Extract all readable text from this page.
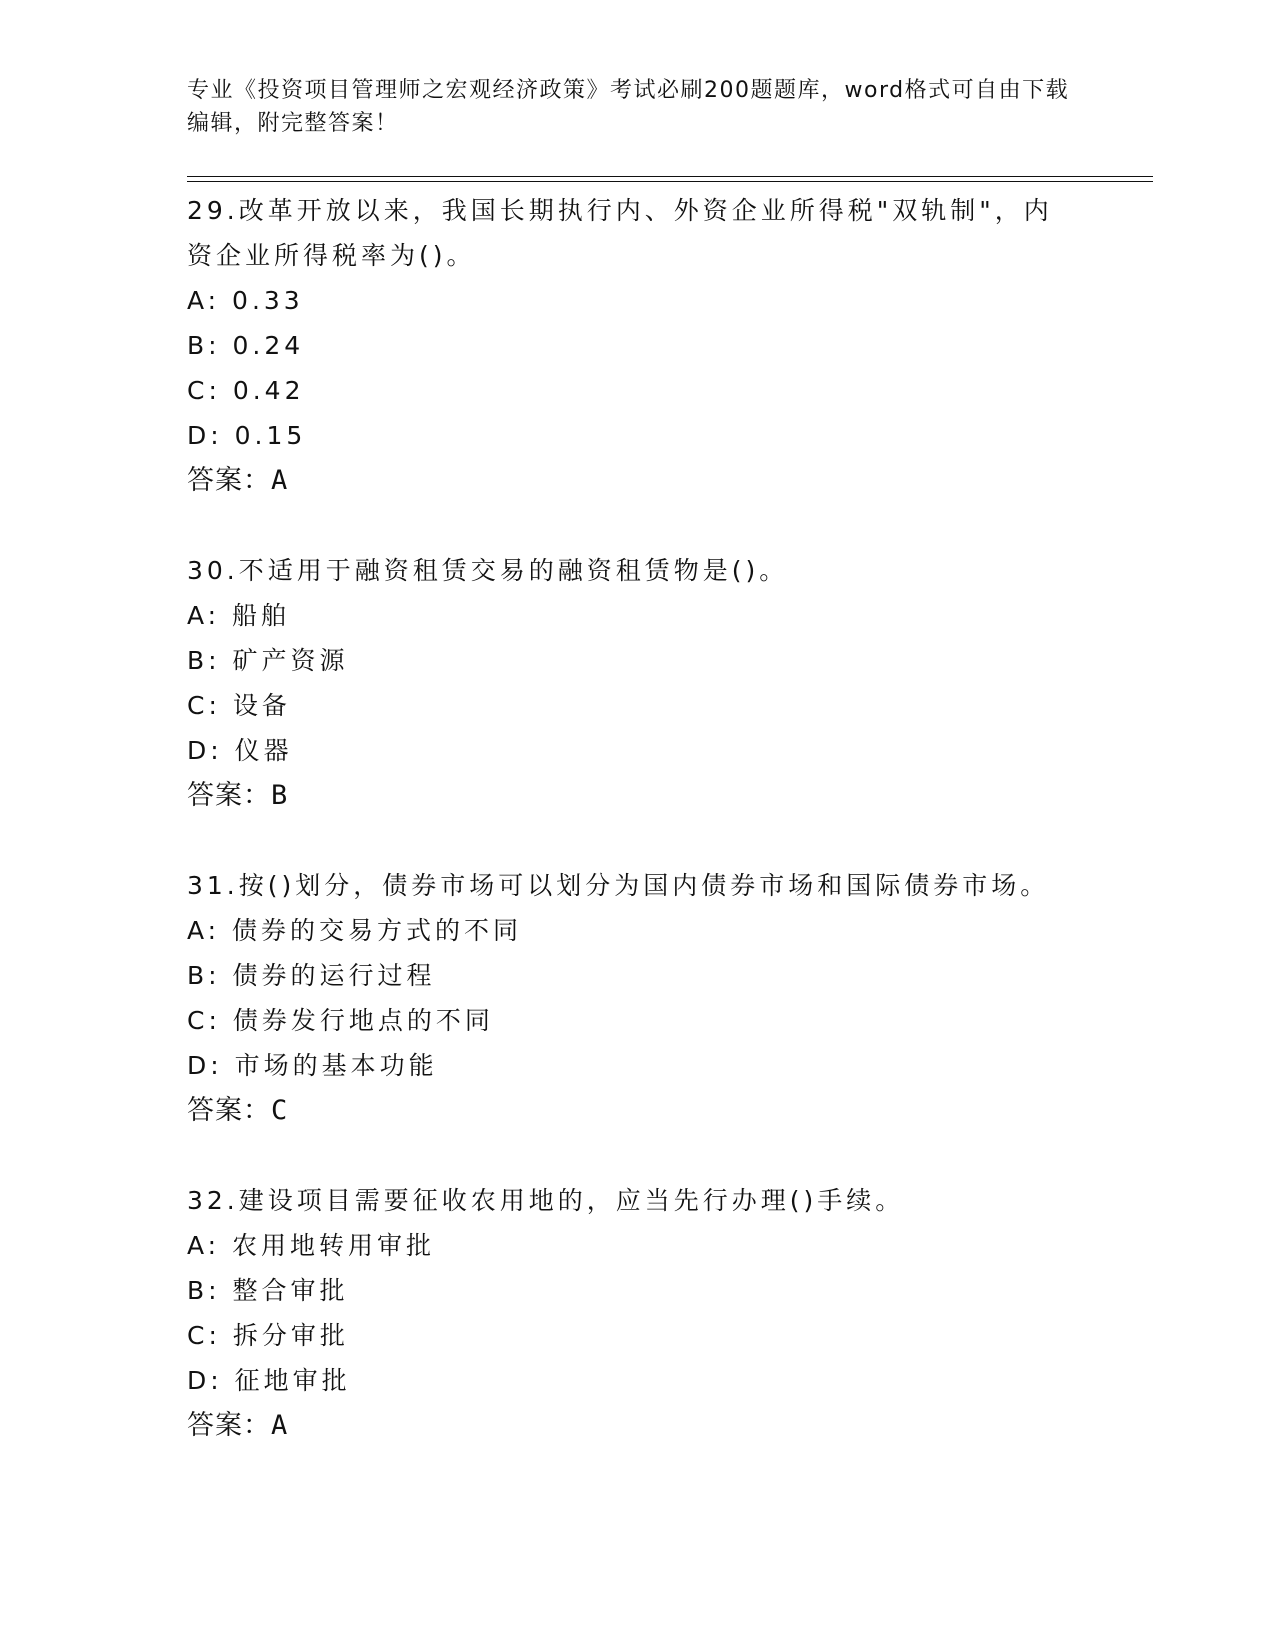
专业《投资项目管理师之宏观经济政策》考试必刷200题题库，word格式可自由下载编辑，附完整答案！

29.改革开放以来，我国长期执行内、外资企业所得税"双轨制"，内资企业所得税率为()。

A: 0.33

B: 0.24

C: 0.42

D: 0.15

答案：A

30.不适用于融资租赁交易的融资租赁物是()。

A: 船舶

B: 矿产资源

C: 设备

D: 仪器

答案：B

31.按()划分，债券市场可以划分为国内债券市场和国际债券市场。

A: 债券的交易方式的不同

B: 债券的运行过程

C: 债券发行地点的不同

D: 市场的基本功能

答案：C

32.建设项目需要征收农用地的，应当先行办理()手续。

A: 农用地转用审批

B: 整合审批

C: 拆分审批

D: 征地审批

答案：A
